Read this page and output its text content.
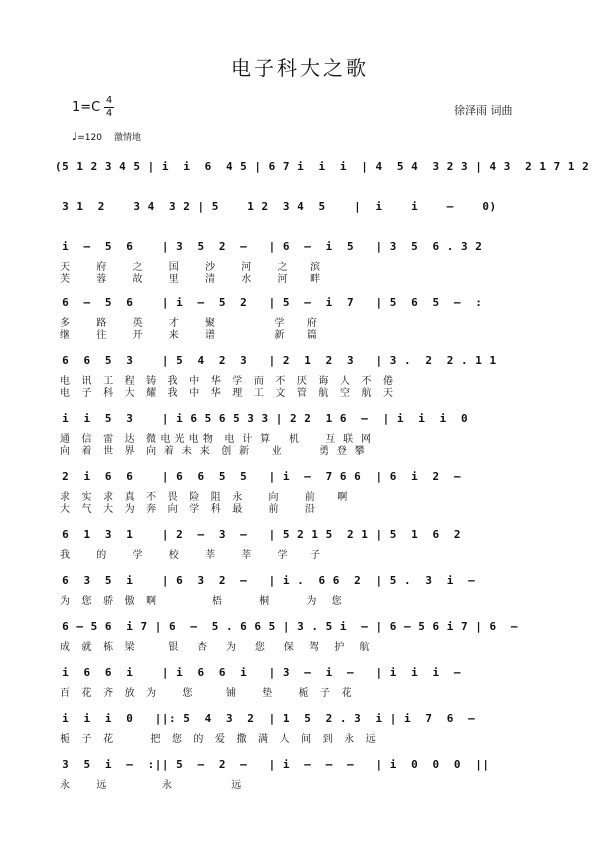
电子科大之歌
1=C 4
4	徐泽雨 词曲
♩=120 激情地
(5 1 2 3 4 5 | i  i  6  4 5 | 6 7 i  i  i  | 4  5 4  3 2 3 | 4 3  2 1 7 1 2
3 1  2    3 4  3 2 | 5    1 2  3 4  5    |  i    i    –    0)
i  –  5  6    | 3  5  2  –   | 6  –  i  5   | 3  5  6 . 3 2
天       府       之       国       沙       河       之      滨
芙       蓉       故       里       清       水       河      畔
6  –  5  6    | i  –  5  2   | 5  –  i  7   | 5  6  5  –  :
多       路       英       才       聚                学      府
继       往       开       来       谱                新      篇
6  6  5  3    | 5  4  2  3   | 2  1  2  3   | 3 .  2  2 . 1 1
电   讯   工   程   铸   我   中   华   学   而   不   厌   诲   人   不   倦
电   子   科   大   耀   我   中   华   理   工   文   管   航   空   航   天
i  i  5  3    | i 6 5 6 5 3 3 | 2 2  1 6  –  | i  i  i  0
通   信   雷   达   微 电 光 电 物   电  计  算     机       互  联  网
向   着   世   界   向  着  未  来   创  新      业          勇  登  攀
2  i  6  6    | 6  6  5  5   | i  –  7 6 6  | 6  i  2  –
求   实   求   真   不   畏   险   阻   永       向       前      啊
大   气   大   为   奔   向   学   科   最       前       沿
6  1  3  1    | 2  –  3  –   | 5 2 1 5  2 1 | 5  1  6  2
我       的       学       校       莘       莘       学      子
6  3  5  i    | 6  3  2  –   | i .  6 6  2  | 5 .  3  i  –
为   您   骄   傲   啊               梧          桐          为    您
6 – 5 6  i 7 | 6  –  5 . 6 6 5 | 3 . 5 i  – | 6 – 5 6 i 7 | 6  –
成   就   栋   梁         银     杏     为     您     保    驾    护    航
i  6  6  i    | i  6  6  i   | 3  –  i  –   | i  i  i  –
百   花   齐   放   为       您         铺       垫       栀   子   花
i  i  i  0   ||: 5  4  3  2  | 1  5  2 . 3  i | i  7  6  –
栀   子   花          把   您   的   爱   撒   满   人   间   到   永   远
3  5  i  –  :|| 5  –  2  –   | i  –  –  –   | i  0  0  0  ||
永       远               永                远
